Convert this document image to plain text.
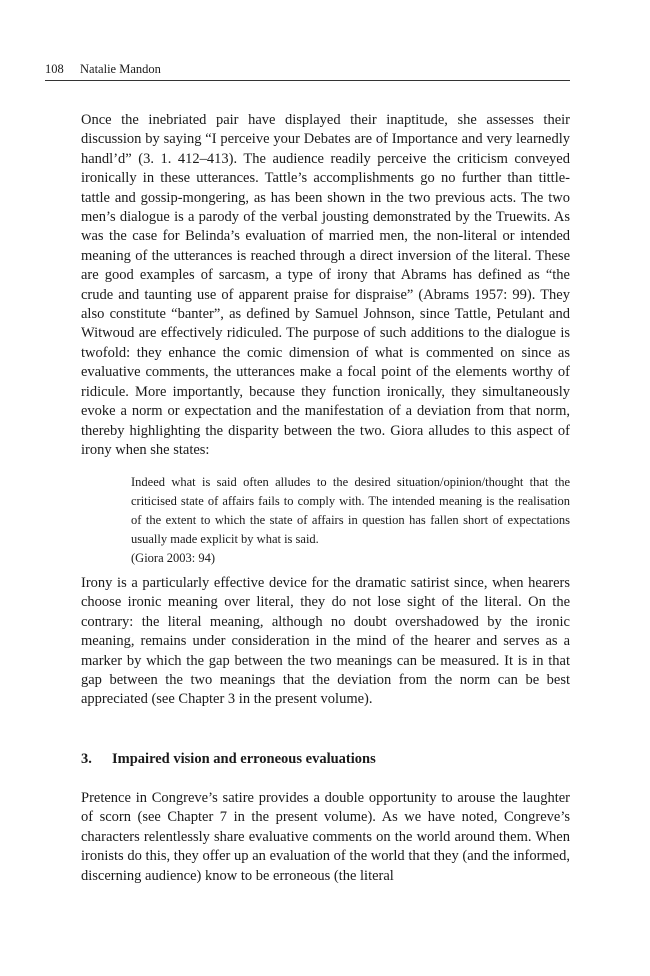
108 Natalie Mandon

Once the inebriated pair have displayed their inaptitude, she assesses their discussion by saying “I perceive your Debates are of Importance and very learnedly handl’d” (3. 1. 412–413). The audience readily perceive the criticism conveyed ironically in these utterances. Tattle’s accomplishments go no further than tittle-tattle and gossip-mongering, as has been shown in the two previous acts. The two men’s dialogue is a parody of the verbal jousting demonstrated by the Truewits. As was the case for Belinda’s evaluation of married men, the non-literal or intended meaning of the utterances is reached through a direct inversion of the literal. These are good examples of sarcasm, a type of irony that Abrams has defined as “the crude and taunting use of apparent praise for dispraise” (Abrams 1957: 99). They also constitute “banter”, as defined by Samuel Johnson, since Tattle, Petulant and Witwoud are effectively ridiculed. The purpose of such additions to the dialogue is twofold: they enhance the comic dimension of what is commented on since as evaluative comments, the utterances make a focal point of the elements worthy of ridicule. More importantly, because they function ironically, they simultaneously evoke a norm or expectation and the manifestation of a deviation from that norm, thereby highlighting the disparity between the two. Giora alludes to this aspect of irony when she states:

Indeed what is said often alludes to the desired situation/opinion/thought that the criticised state of affairs fails to comply with. The intended meaning is the realisation of the extent to which the state of affairs in question has fallen short of expectations usually made explicit by what is said.

(Giora 2003: 94)

Irony is a particularly effective device for the dramatic satirist since, when hearers choose ironic meaning over literal, they do not lose sight of the literal. On the contrary: the literal meaning, although no doubt overshadowed by the ironic meaning, remains under consideration in the mind of the hearer and serves as a marker by which the gap between the two meanings can be measured. It is in that gap between the two meanings that the deviation from the norm can be best appreciated (see Chapter 3 in the present volume).

3. Impaired vision and erroneous evaluations

Pretence in Congreve’s satire provides a double opportunity to arouse the laughter of scorn (see Chapter 7 in the present volume). As we have noted, Congreve’s characters relentlessly share evaluative comments on the world around them. When ironists do this, they offer up an evaluation of the world that they (and the informed, discerning audience) know to be erroneous (the literal
